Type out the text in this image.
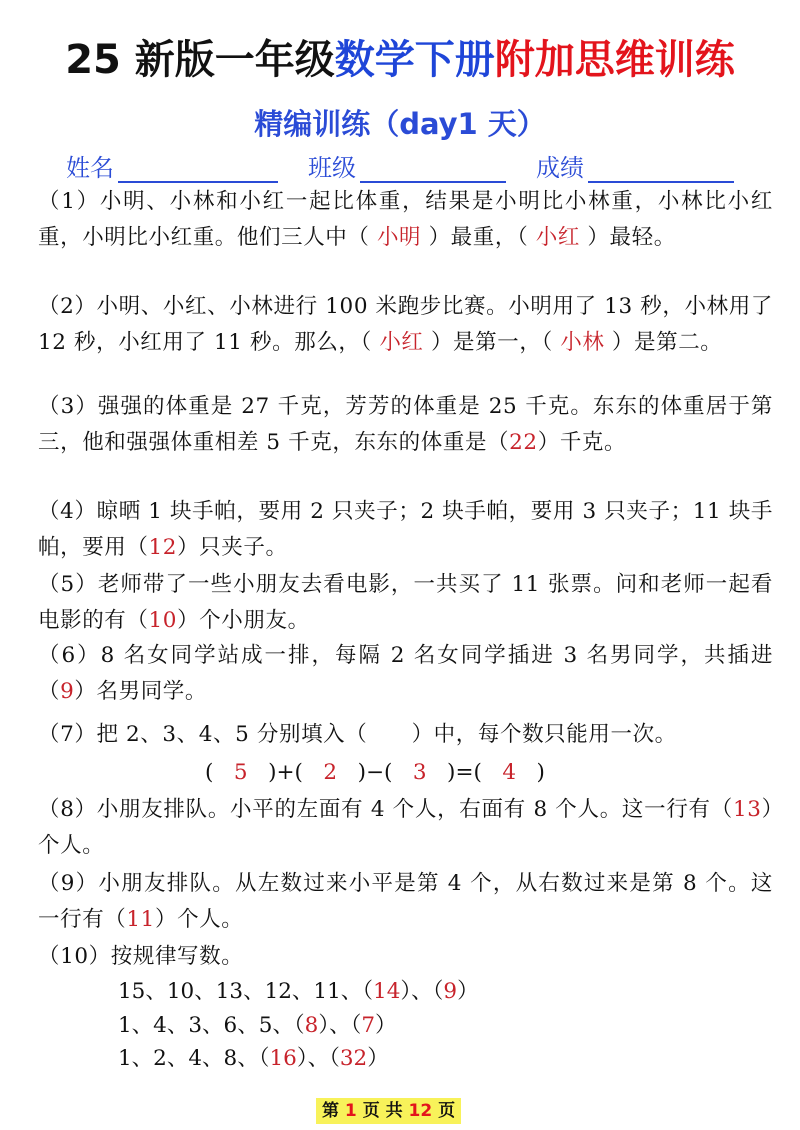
25 新版一年级数学下册附加思维训练
精编训练（day1 天）
姓名	班级	成绩
（1）小明、小林和小红一起比体重，结果是小明比小林重，小林比小红重，小明比小红重。他们三人中（ 小明 ）最重，（ 小红 ）最轻。
（2）小明、小红、小林进行 100 米跑步比赛。小明用了 13 秒，小林用了 12 秒，小红用了 11 秒。那么，（ 小红 ）是第一，（ 小林 ）是第二。
（3）强强的体重是 27 千克，芳芳的体重是 25 千克。东东的体重居于第三，他和强强体重相差 5 千克，东东的体重是（22）千克。
（4）晾晒 1 块手帕，要用 2 只夹子；2 块手帕，要用 3 只夹子；11 块手帕，要用（12）只夹子。
（5）老师带了一些小朋友去看电影，一共买了 11 张票。问和老师一起看电影的有（10）个小朋友。
（6）8 名女同学站成一排，每隔 2 名女同学插进 3 名男同学，共插进（9）名男同学。
（7）把 2、3、4、5 分别填入（　　）中，每个数只能用一次。
(   5   )+(   2   )−(   3   )=(   4   )
（8）小朋友排队。小平的左面有 4 个人，右面有 8 个人。这一行有（13）个人。
（9）小朋友排队。从左数过来小平是第 4 个，从右数过来是第 8 个。这一行有（11）个人。
（10）按规律写数。
15、10、13、12、11、（14）、（9）
1、4、3、6、5、（8）、（7）
1、2、4、8、（16）、（32）
第 1 页 共 12 页
